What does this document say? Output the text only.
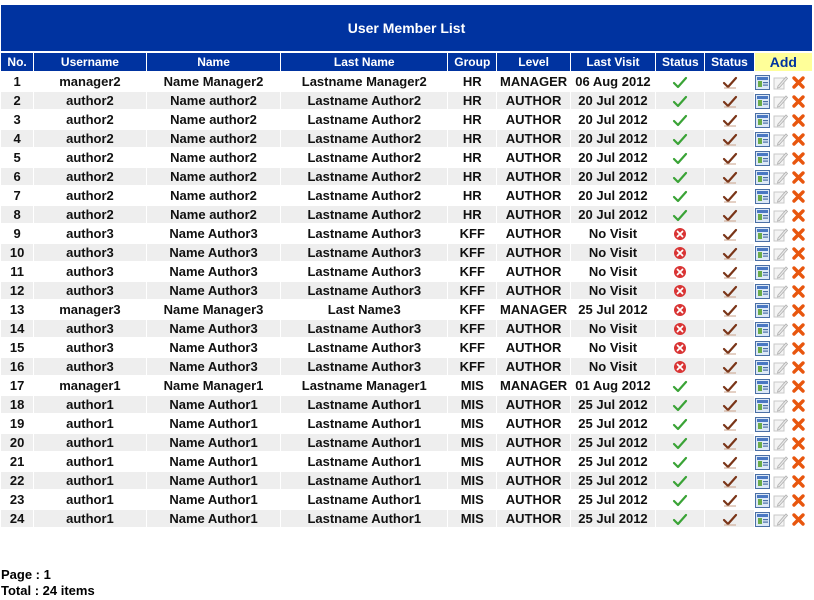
User Member List
No.	Username	Name	Last Name	Group	Level	Last Visit	Status	Status	Add
1	manager2	Name Manager2	Lastname Manager2	HR	MANAGER	06 Aug 2012			
2	author2	Name author2	Lastname Author2	HR	AUTHOR	20 Jul 2012			
3	author2	Name author2	Lastname Author2	HR	AUTHOR	20 Jul 2012			
4	author2	Name author2	Lastname Author2	HR	AUTHOR	20 Jul 2012			
5	author2	Name author2	Lastname Author2	HR	AUTHOR	20 Jul 2012			
6	author2	Name author2	Lastname Author2	HR	AUTHOR	20 Jul 2012			
7	author2	Name author2	Lastname Author2	HR	AUTHOR	20 Jul 2012			
8	author2	Name author2	Lastname Author2	HR	AUTHOR	20 Jul 2012			
9	author3	Name Author3	Lastname Author3	KFF	AUTHOR	No Visit			
10	author3	Name Author3	Lastname Author3	KFF	AUTHOR	No Visit			
11	author3	Name Author3	Lastname Author3	KFF	AUTHOR	No Visit			
12	author3	Name Author3	Lastname Author3	KFF	AUTHOR	No Visit			
13	manager3	Name Manager3	Last Name3	KFF	MANAGER	25 Jul 2012			
14	author3	Name Author3	Lastname Author3	KFF	AUTHOR	No Visit			
15	author3	Name Author3	Lastname Author3	KFF	AUTHOR	No Visit			
16	author3	Name Author3	Lastname Author3	KFF	AUTHOR	No Visit			
17	manager1	Name Manager1	Lastname Manager1	MIS	MANAGER	01 Aug 2012			
18	author1	Name Author1	Lastname Author1	MIS	AUTHOR	25 Jul 2012			
19	author1	Name Author1	Lastname Author1	MIS	AUTHOR	25 Jul 2012			
20	author1	Name Author1	Lastname Author1	MIS	AUTHOR	25 Jul 2012			
21	author1	Name Author1	Lastname Author1	MIS	AUTHOR	25 Jul 2012			
22	author1	Name Author1	Lastname Author1	MIS	AUTHOR	25 Jul 2012			
23	author1	Name Author1	Lastname Author1	MIS	AUTHOR	25 Jul 2012			
24	author1	Name Author1	Lastname Author1	MIS	AUTHOR	25 Jul 2012			
Page : 1
Total : 24 items
